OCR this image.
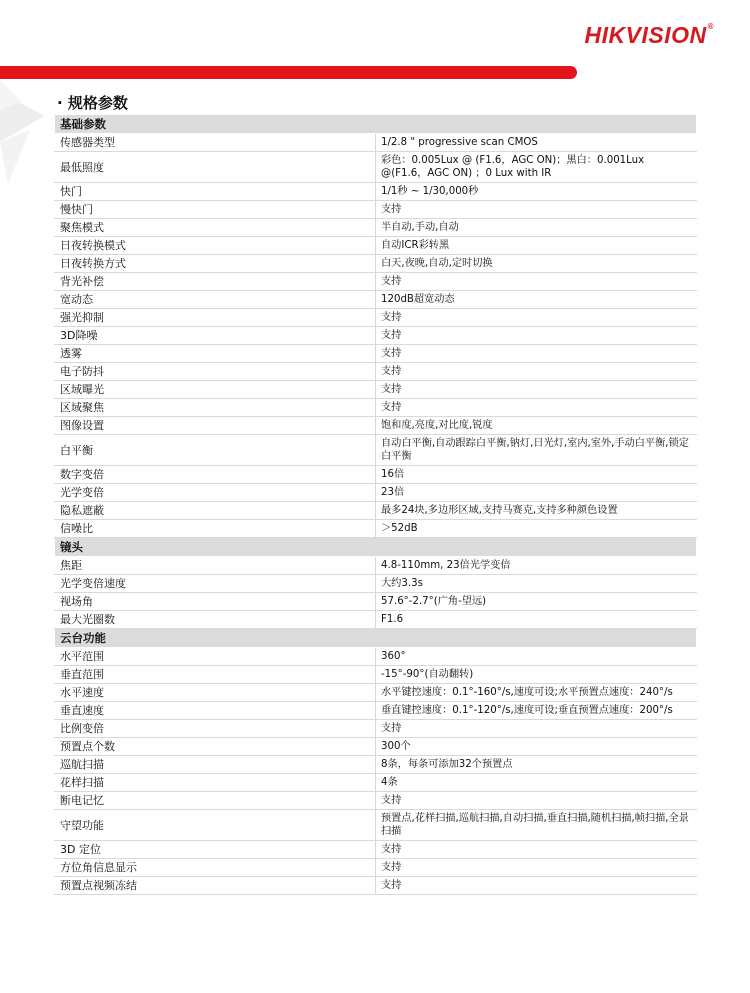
HIKVISION®
· 规格参数
基础参数	
传感器类型	1/2.8 " progressive scan CMOS
最低照度	彩色：0.005Lux @ (F1.6，AGC ON)；黑白：0.001Lux @(F1.6，AGC ON) ；0 Lux with IR
快门	1/1秒 ~ 1/30,000秒
慢快门	支持
聚焦模式	半自动,手动,自动
日夜转换模式	自动ICR彩转黑
日夜转换方式	白天,夜晚,自动,定时切换
背光补偿	支持
宽动态	120dB超宽动态
强光抑制	支持
3D降噪	支持
透雾	支持
电子防抖	支持
区域曝光	支持
区域聚焦	支持
图像设置	饱和度,亮度,对比度,锐度
白平衡	自动白平衡,自动跟踪白平衡,钠灯,日光灯,室内,室外,手动白平衡,锁定白平衡
数字变倍	16倍
光学变倍	23倍
隐私遮蔽	最多24块,多边形区域,支持马赛克,支持多种颜色设置
信噪比	＞52dB
镜头	
焦距	4.8-110mm, 23倍光学变倍
光学变倍速度	大约3.3s
视场角	57.6°-2.7°(广角-望远)
最大光圈数	F1.6
云台功能	
水平范围	360°
垂直范围	-15°-90°(自动翻转)
水平速度	水平键控速度：0.1°-160°/s,速度可设;水平预置点速度：240°/s
垂直速度	垂直键控速度：0.1°-120°/s,速度可设;垂直预置点速度：200°/s
比例变倍	支持
预置点个数	300个
巡航扫描	8条，每条可添加32个预置点
花样扫描	4条
断电记忆	支持
守望功能	预置点,花样扫描,巡航扫描,自动扫描,垂直扫描,随机扫描,帧扫描,全景扫描
3D 定位	支持
方位角信息显示	支持
预置点视频冻结	支持
